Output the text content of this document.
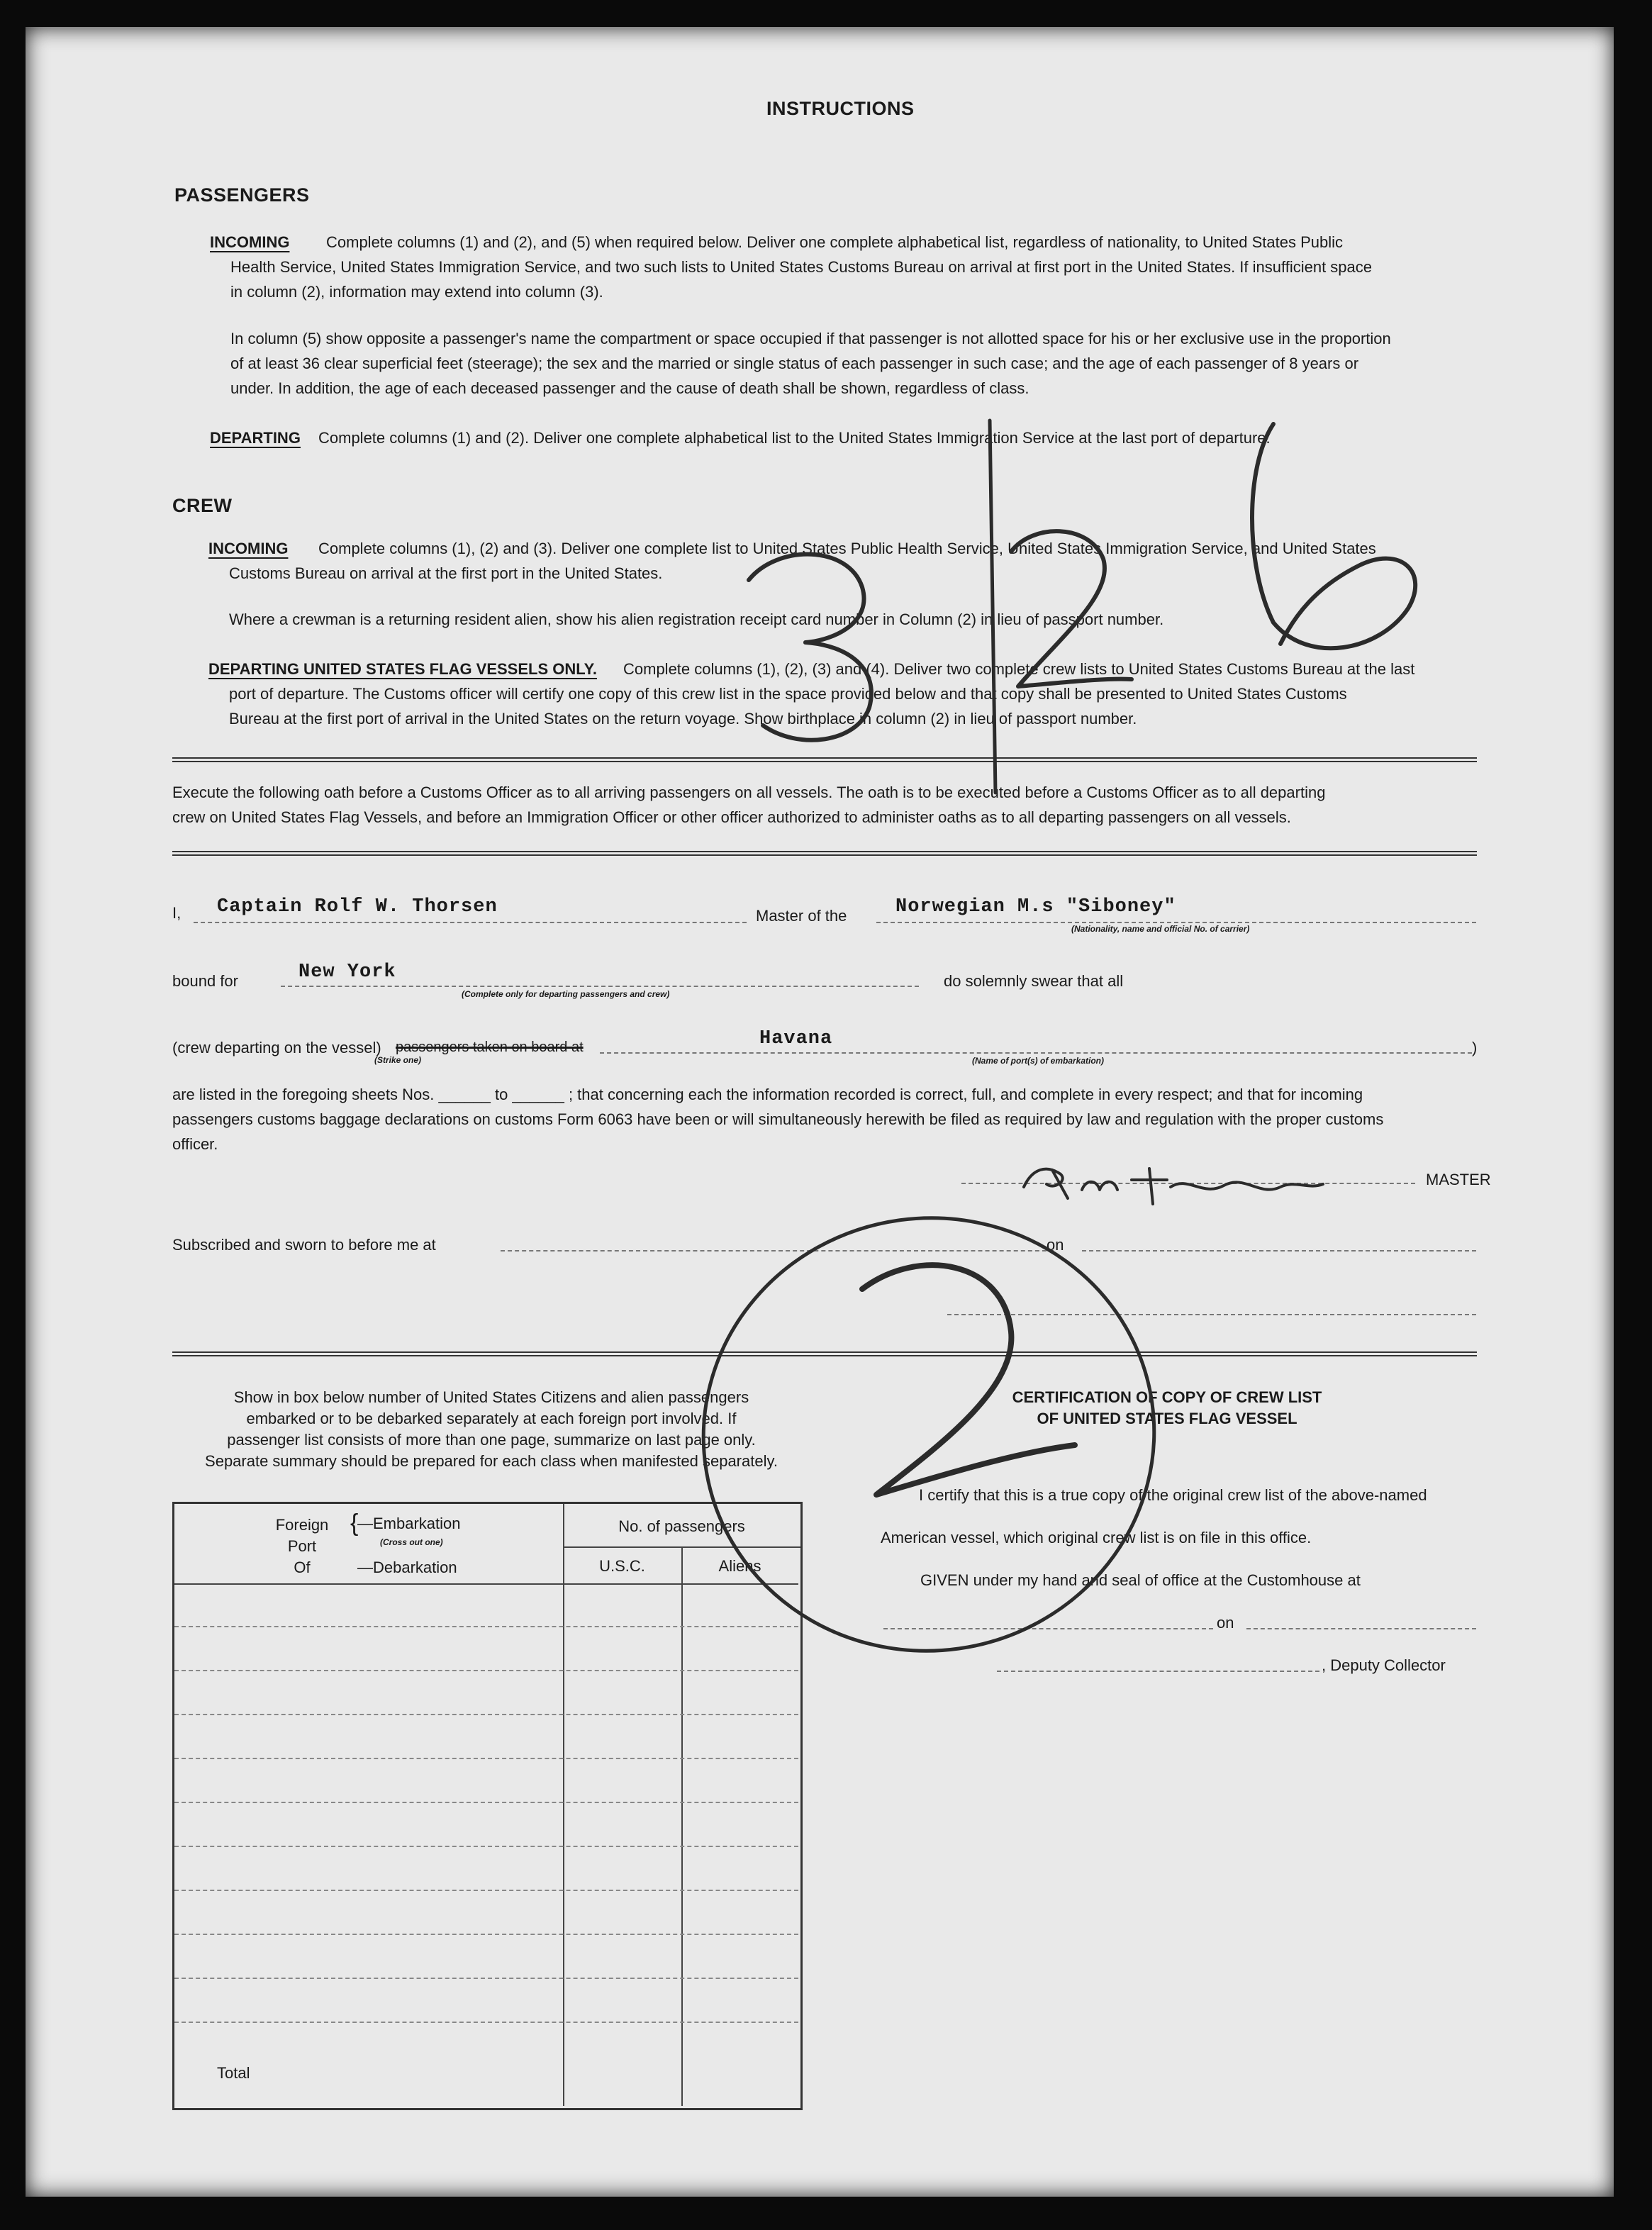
INSTRUCTIONS
PASSENGERS
INCOMING Complete columns (1) and (2), and (5) when required below. Deliver one complete alphabetical list, regardless of nationality, to United States Public
Health Service, United States Immigration Service, and two such lists to United States Customs Bureau on arrival at first port in the United States. If insufficient space
in column (2), information may extend into column (3).
In column (5) show opposite a passenger's name the compartment or space occupied if that passenger is not allotted space for his or her exclusive use in the proportion
of at least 36 clear superficial feet (steerage); the sex and the married or single status of each passenger in such case; and the age of each passenger of 8 years or
under. In addition, the age of each deceased passenger and the cause of death shall be shown, regardless of class.
DEPARTING Complete columns (1) and (2). Deliver one complete alphabetical list to the United States Immigration Service at the last port of departure.
CREW
INCOMING Complete columns (1), (2) and (3). Deliver one complete list to United States Public Health Service, United States Immigration Service, and United States
Customs Bureau on arrival at the first port in the United States.
Where a crewman is a returning resident alien, show his alien registration receipt card number in Column (2) in lieu of passport number.
DEPARTING UNITED STATES FLAG VESSELS ONLY. Complete columns (1), (2), (3) and (4). Deliver two complete crew lists to United States Customs Bureau at the last
port of departure. The Customs officer will certify one copy of this crew list in the space provided below and that copy shall be presented to United States Customs
Bureau at the first port of arrival in the United States on the return voyage. Show birthplace in column (2) in lieu of passport number.
Execute the following oath before a Customs Officer as to all arriving passengers on all vessels. The oath is to be executed before a Customs Officer as to all departing
crew on United States Flag Vessels, and before an Immigration Officer or other officer authorized to administer oaths as to all departing passengers on all vessels.
I, Captain Rolf W. Thorsen	Master of the	Norwegian M.s "Siboney"
(Nationality, name and official No. of carrier)
bound for	New York
(Complete only for departing passengers and crew)
do solemnly swear that all
(crew departing on the vessel) passengers taken on board at
(Strike one)
Havana
(Name of port(s) of embarkation)
)
are listed in the foregoing sheets Nos. ______ to ______ ; that concerning each the information recorded is correct, full, and complete in every respect; and that for incoming
passengers customs baggage declarations on customs Form 6063 have been or will simultaneously herewith be filed as required by law and regulation with the proper customs
officer.
MASTER
Subscribed and sworn to before me at	on
Show in box below number of United States Citizens and alien passengers
embarked or to be debarked separately at each foreign port involved. If
passenger list consists of more than one page, summarize on last page only.
Separate summary should be prepared for each class when manifested separately.
Foreign
Port
Of
{
—Embarkation
(Cross out one)
—Debarkation
No. of passengers
U.S.C.	Aliens
Total
CERTIFICATION OF COPY OF CREW LIST
OF UNITED STATES FLAG VESSEL
I certify that this is a true copy of the original crew list of the above-named
American vessel, which original crew list is on file in this office.
GIVEN under my hand and seal of office at the Customhouse at
on
, Deputy Collector
